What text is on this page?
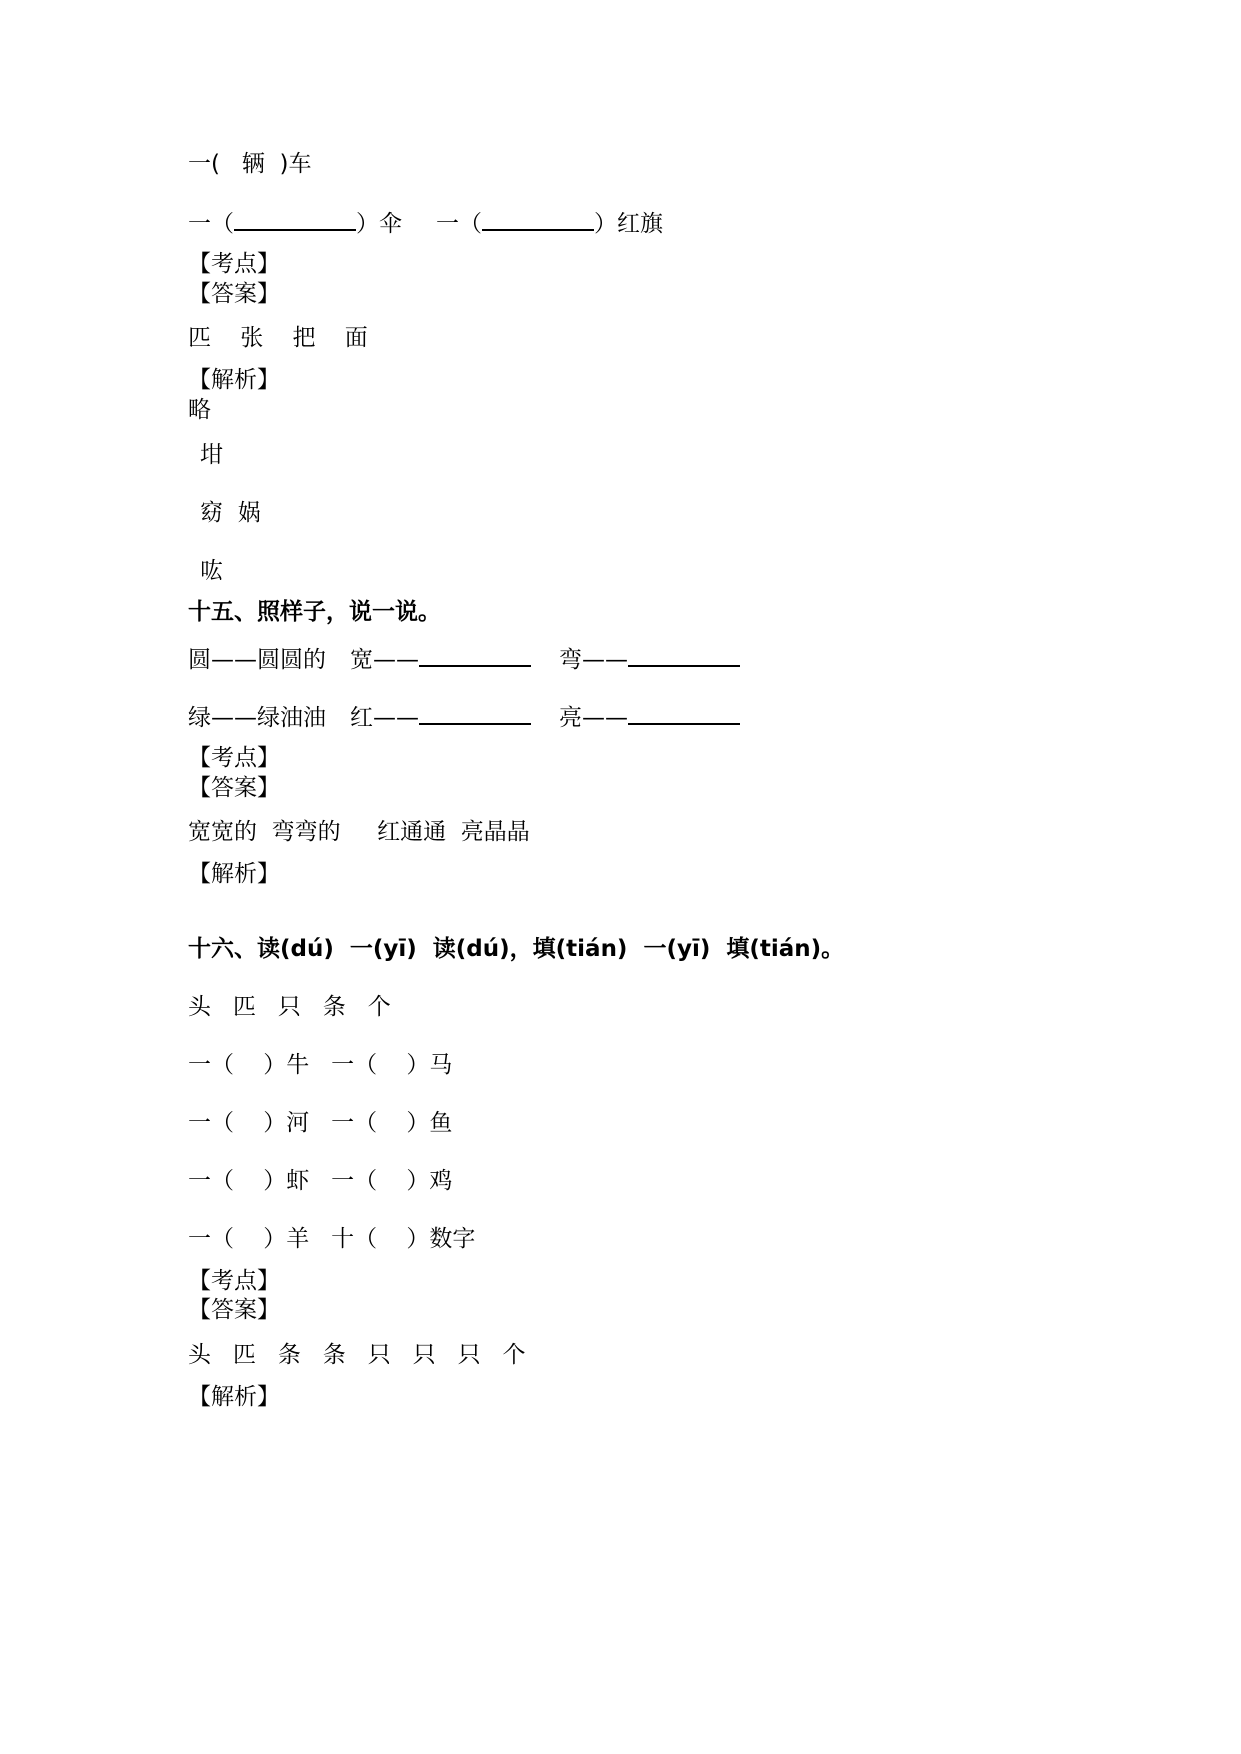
一(   辆  )车
一（	）伞 一（	）红旗
【考点】
【答案】
匹    张    把    面
【解析】
略
坩
窈  娲
吰
十五、照样子，说一说。
圆——圆圆的 宽——	弯——
绿——绿油油 红——	亮——
【考点】
【答案】
宽宽的  弯弯的     红通通  亮晶晶
【解析】
十六、读(dú)  一(yī)  读(dú)，填(tián)  一(yī)  填(tián)。
头   匹   只   条   个
一（    ）牛   一（    ）马
一（    ）河   一（    ）鱼
一（    ）虾   一（    ）鸡
一（    ）羊   十（    ）数字
【考点】
【答案】
头   匹   条   条   只   只   只   个
【解析】
